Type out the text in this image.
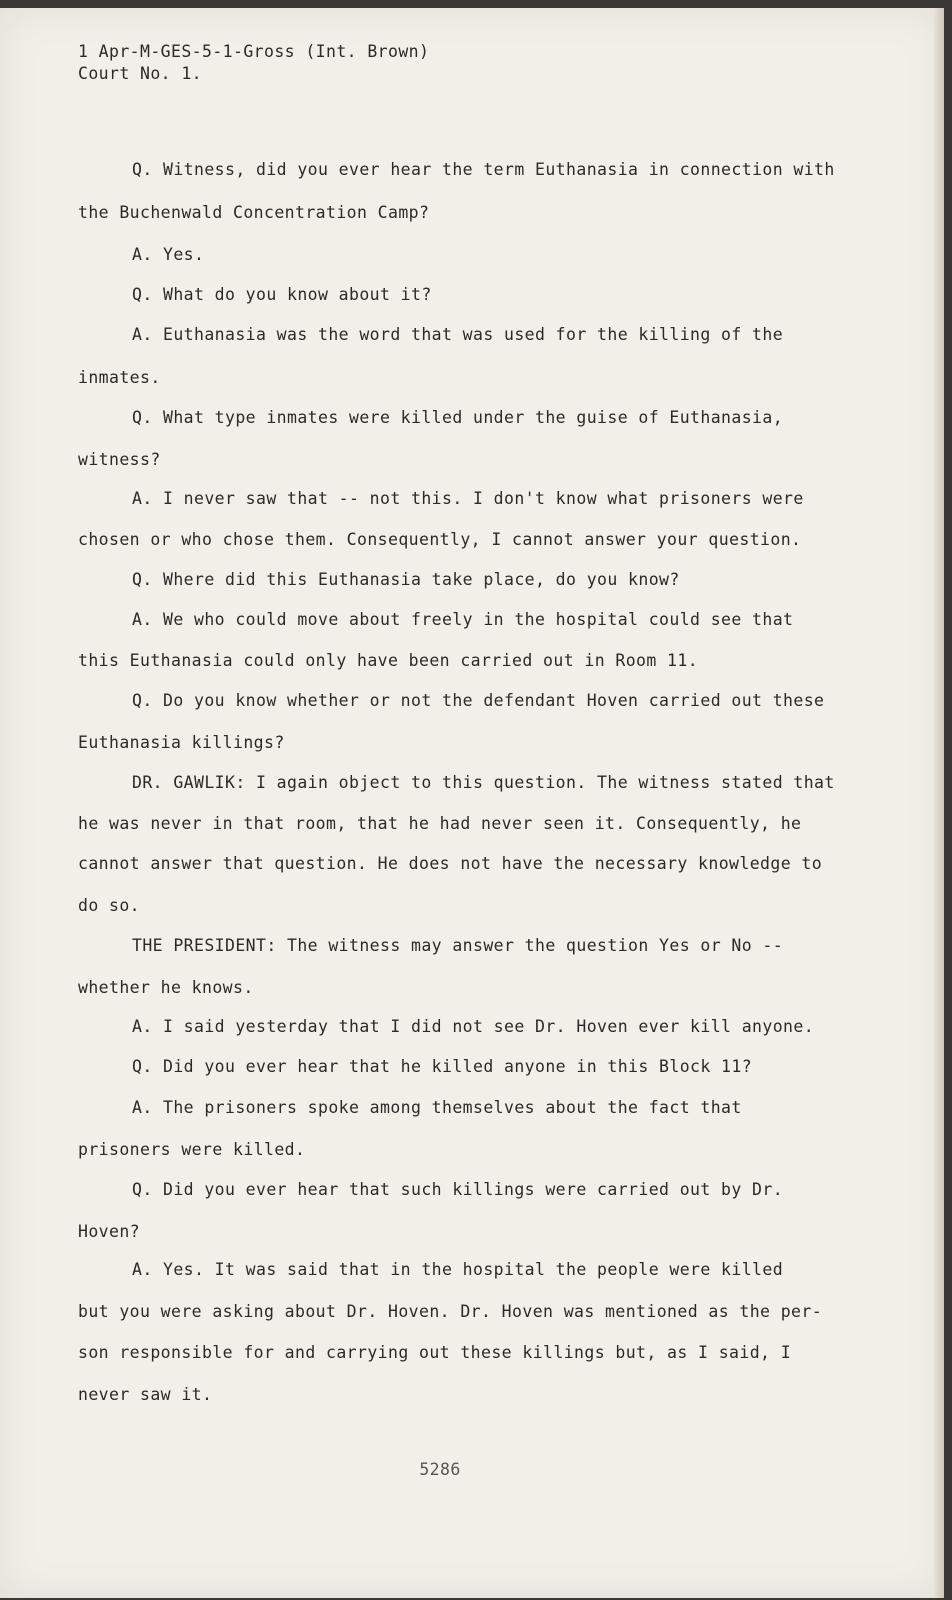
1 Apr-M-GES-5-1-Gross (Int. Brown)
Court No. 1.
Q. Witness, did you ever hear the term Euthanasia in connection with
the Buchenwald Concentration Camp?
A. Yes.
Q. What do you know about it?
A. Euthanasia was the word that was used for the killing of the
inmates.
Q. What type inmates were killed under the guise of Euthanasia,
witness?
A. I never saw that -- not this. I don't know what prisoners were
chosen or who chose them. Consequently, I cannot answer your question.
Q. Where did this Euthanasia take place, do you know?
A. We who could move about freely in the hospital could see that
this Euthanasia could only have been carried out in Room 11.
Q. Do you know whether or not the defendant Hoven carried out these
Euthanasia killings?
DR. GAWLIK: I again object to this question. The witness stated that
he was never in that room, that he had never seen it. Consequently, he
cannot answer that question. He does not have the necessary knowledge to
do so.
THE PRESIDENT: The witness may answer the question Yes or No --
whether he knows.
A. I said yesterday that I did not see Dr. Hoven ever kill anyone.
Q. Did you ever hear that he killed anyone in this Block 11?
A. The prisoners spoke among themselves about the fact that
prisoners were killed.
Q. Did you ever hear that such killings were carried out by Dr.
Hoven?
A. Yes. It was said that in the hospital the people were killed
but you were asking about Dr. Hoven. Dr. Hoven was mentioned as the per-
son responsible for and carrying out these killings but, as I said, I
never saw it.
5286
